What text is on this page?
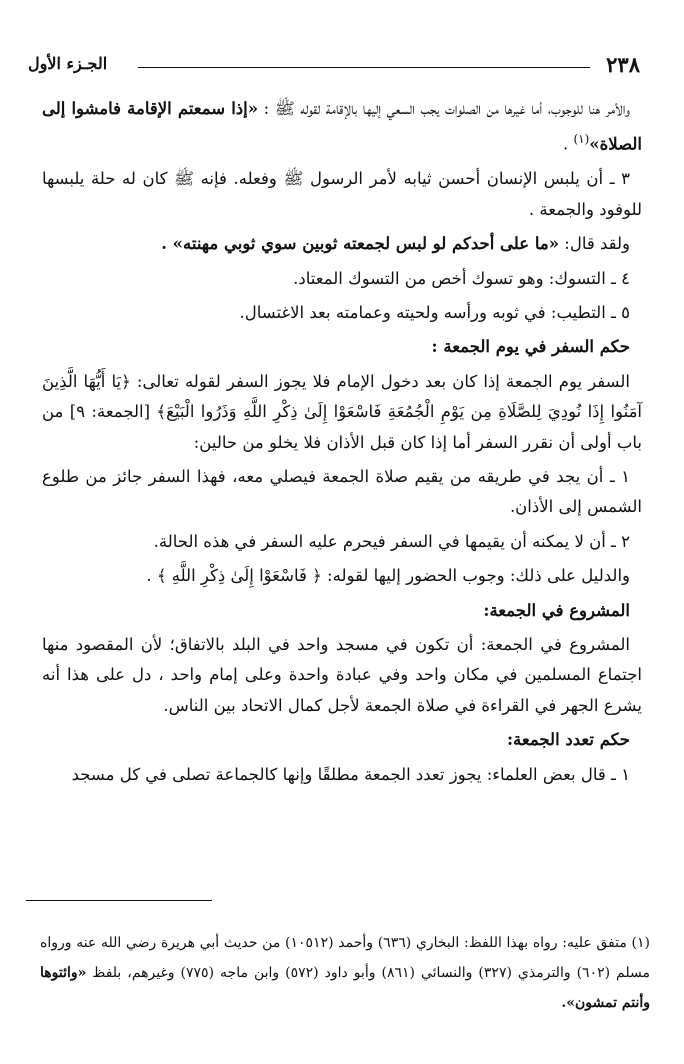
٢٣٨
الجـزء الأول

والأمر هنا للوجوب، أما غيرها من الصلوات يجب السعي إليها بالإقامة لقوله ﷺ : «إذا سمعتم الإقامة فامشوا إلى الصلاة»$^{(١)}$ .

٣ ـ أن يلبس الإنسان أحسن ثيابه لأمر الرسول ﷺ وفعله. فإنه ﷺ كان له حلة يلبسها للوفود والجمعة .

ولقد قال: «ما على أحدكم لو لبس لجمعته ثوبين سوي ثوبي مهنته» .

٤ ـ التسوك: وهو تسوك أخص من التسوك المعتاد.

٥ ـ التطيب: في ثوبه ورأسه ولحيته وعمامته بعد الاغتسال.

حكم السفر في يوم الجمعة :

السفر يوم الجمعة إذا كان بعد دخول الإمام فلا يجوز السفر لقوله تعالى: ﴿يَا أَيُّهَا الَّذِينَ آمَنُوا إِذَا نُودِيَ لِلصَّلَاةِ مِن يَوْمِ الْجُمُعَةِ فَاسْعَوْا إِلَىٰ ذِكْرِ اللَّهِ وَذَرُوا الْبَيْعَ﴾ [الجمعة: ٩] من باب أولى أن نقرر السفر أما إذا كان قبل الأذان فلا يخلو من حالين:

١ ـ أن يجد في طريقه من يقيم صلاة الجمعة فيصلي معه، فهذا السفر جائز من طلوع الشمس إلى الأذان.

٢ ـ أن لا يمكنه أن يقيمها في السفر فيحرم عليه السفر في هذه الحالة.

والدليل على ذلك: وجوب الحضور إليها لقوله: ﴿ فَاسْعَوْا إِلَىٰ ذِكْرِ اللَّهِ ﴾ .

المشروع في الجمعة:

المشروع في الجمعة: أن تكون في مسجد واحد في البلد بالاتفاق؛ لأن المقصود منها اجتماع المسلمين في مكان واحد وفي عبادة واحدة وعلى إمام واحد ، دل على هذا أنه يشرع الجهر في القراءة في صلاة الجمعة لأجل كمال الاتحاد بين الناس.

حكم تعدد الجمعة:

١ ـ قال بعض العلماء: يجوز تعدد الجمعة مطلقًا وإنها كالجماعة تصلى في كل مسجد

(١) متفق عليه: رواه بهذا اللفظ: البخاري (٦٣٦) وأحمد (١٠٥١٢) من حديث أبي هريرة رضي الله عنه ورواه مسلم (٦٠٢) والترمذي (٣٢٧) والنسائي (٨٦١) وأبو داود (٥٧٢) وابن ماجه (٧٧٥) وغيرهم، بلفظ «وائتوها وأنتم تمشون».
